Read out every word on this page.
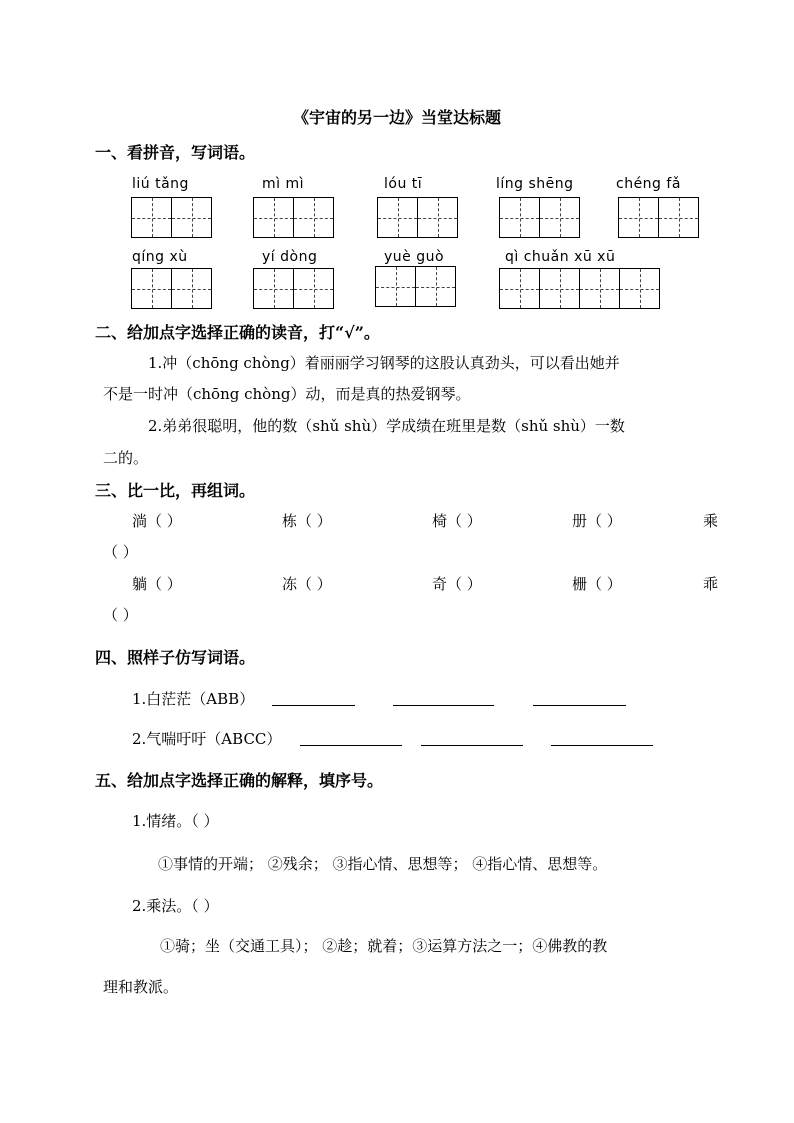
《宇宙的另一边》当堂达标题
一、看拼音，写词语。
liú tǎng	mì mì	lóu tī	líng shēng	chéng fǎ
qíng xù	yí dòng	yuè guò	qì chuǎn xū xū
二、给加点字选择正确的读音，打“√”。
1.冲（chōng chòng）着丽丽学习钢琴的这股认真劲头，可以看出她并
不是一时冲（chōng chòng）动，而是真的热爱钢琴。
2.弟弟很聪明，他的数（shǔ shù）学成绩在班里是数（shǔ shù）一数
二的。
三、比一比，再组词。
淌（ ）	栋（ ）	椅（ ）	册（ ）	乘
（ ）
躺（ ）	冻（ ）	奇（ ）	栅（ ）	乖
（ ）
四、照样子仿写词语。
1.白茫茫（ABB）
2.气喘吁吁（ABCC）
五、给加点字选择正确的解释，填序号。
1.情绪。（ ）
①事情的开端； ②残余； ③指心情、思想等； ④指心情、思想等。
2.乘法。（ ）
①骑；坐（交通工具）； ②趁；就着；③运算方法之一；④佛教的教
理和教派。
